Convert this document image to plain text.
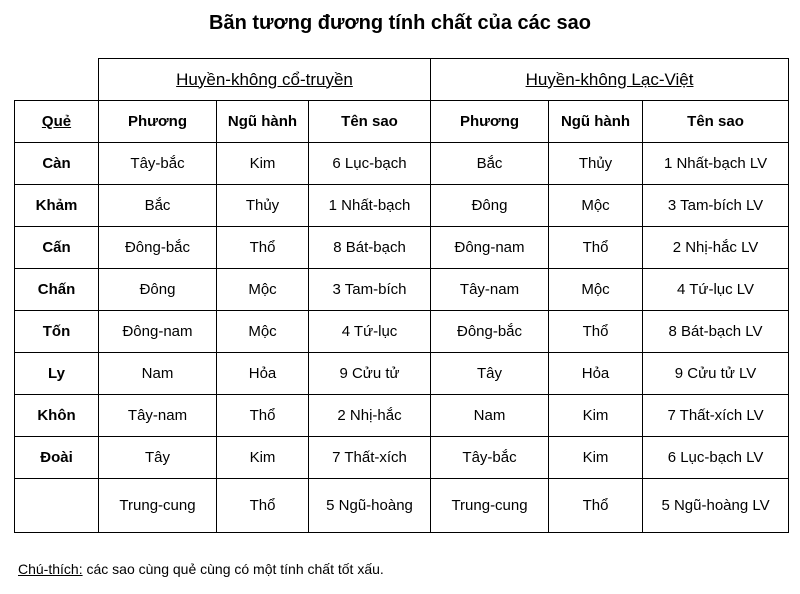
Bãn tương đương tính chất của các sao
	Huyền-không cổ-truyền			Huyền-không Lạc-Việt		
Quẻ	Phương	Ngũ hành	Tên sao	Phương	Ngũ hành	Tên sao
Càn	Tây-bắc	Kim	6 Lục-bạch	Bắc	Thủy	1 Nhất-bạch LV
Khảm	Bắc	Thủy	1 Nhất-bạch	Đông	Mộc	3 Tam-bích LV
Cấn	Đông-bắc	Thổ	8 Bát-bạch	Đông-nam	Thổ	2 Nhị-hắc LV
Chấn	Đông	Mộc	3 Tam-bích	Tây-nam	Mộc	4 Tứ-lục LV
Tốn	Đông-nam	Mộc	4 Tứ-lục	Đông-bắc	Thổ	8 Bát-bạch LV
Ly	Nam	Hỏa	9 Cửu tử	Tây	Hỏa	9 Cửu tử LV
Khôn	Tây-nam	Thổ	2 Nhị-hắc	Nam	Kim	7 Thất-xích LV
Đoài	Tây	Kim	7 Thất-xích	Tây-bắc	Kim	6 Lục-bạch LV
	Trung-cung	Thổ	5 Ngũ-hoàng	Trung-cung	Thổ	5 Ngũ-hoàng LV
Chú-thích: các sao cùng quẻ cùng có một tính chất tốt xấu.
